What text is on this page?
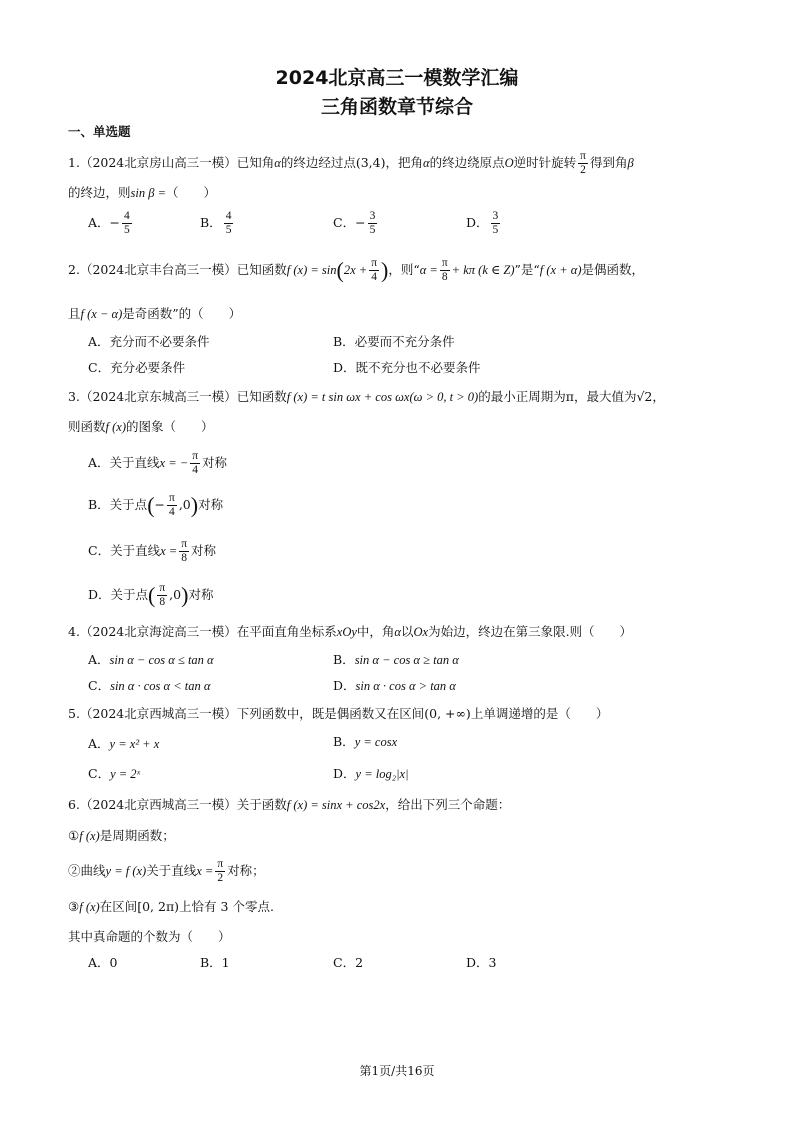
2024北京高三一模数学汇编
三角函数章节综合
一、单选题
1.（2024北京房山高三一模）已知角α的终边经过点(3,4)，把角α的终边绕原点O逆时针旋转 $\frac{\pi}{2}$ 得到角β
的终边，则sin β =（　　）
A．− $\frac{4}{5}$	B． $\frac{4}{5}$	C．− $\frac{3}{5}$	D． $\frac{3}{5}$
2.（2024北京丰台高三一模）已知函数f $(x) = \sin(2x + \frac{\pi}{4}$ )，则“$\alpha = \frac{\pi}{8} + k\pi$ (k ∈ Z)”是“f (x + α)是偶函数，
且f (x − α)是奇函数”的（　　）
A．充分而不必要条件	B．必要而不充分条件
C．充分必要条件	D．既不充分也不必要条件
3.（2024北京东城高三一模）已知函数f (x) = t sin ωx + cos ωx(ω > 0, t > 0)的最小正周期为π，最大值为√2，
则函数f (x)的图象（　　）
A．关于直线x = − $\frac{\pi}{4}$ 对称
B．关于点(− $\frac{\pi}{4} ,0$)对称
C．关于直线$x = \frac{\pi}{8}$ 对称
D．关于点( $\frac{\pi}{8} ,0$)对称
4.（2024北京海淀高三一模）在平面直角坐标系xOy中，角α以Ox为始边，终边在第三象限.则（　　）
A．sin α − cos α ≤ tan α	B．sin α − cos α ≥ tan α
C．sin α · cos α < tan α	D．sin α · cos α > tan α
5.（2024北京西城高三一模）下列函数中，既是偶函数又在区间(0, +∞)上单调递增的是（　　）
A．y = x² + x	B．y = cosx
C．y = 2ˣ	D．y = log₂|x|
6.（2024北京西城高三一模）关于函数f (x) = sinx + cos2x，给出下列三个命题：
①f (x)是周期函数；
②曲线y = f (x)关于直线$x = \frac{\pi}{2}$ 对称；
③f (x)在区间[0, 2π)上恰有 3 个零点.
其中真命题的个数为（　　）
A．0	B．1	C．2	D．3
第1页/共16页
